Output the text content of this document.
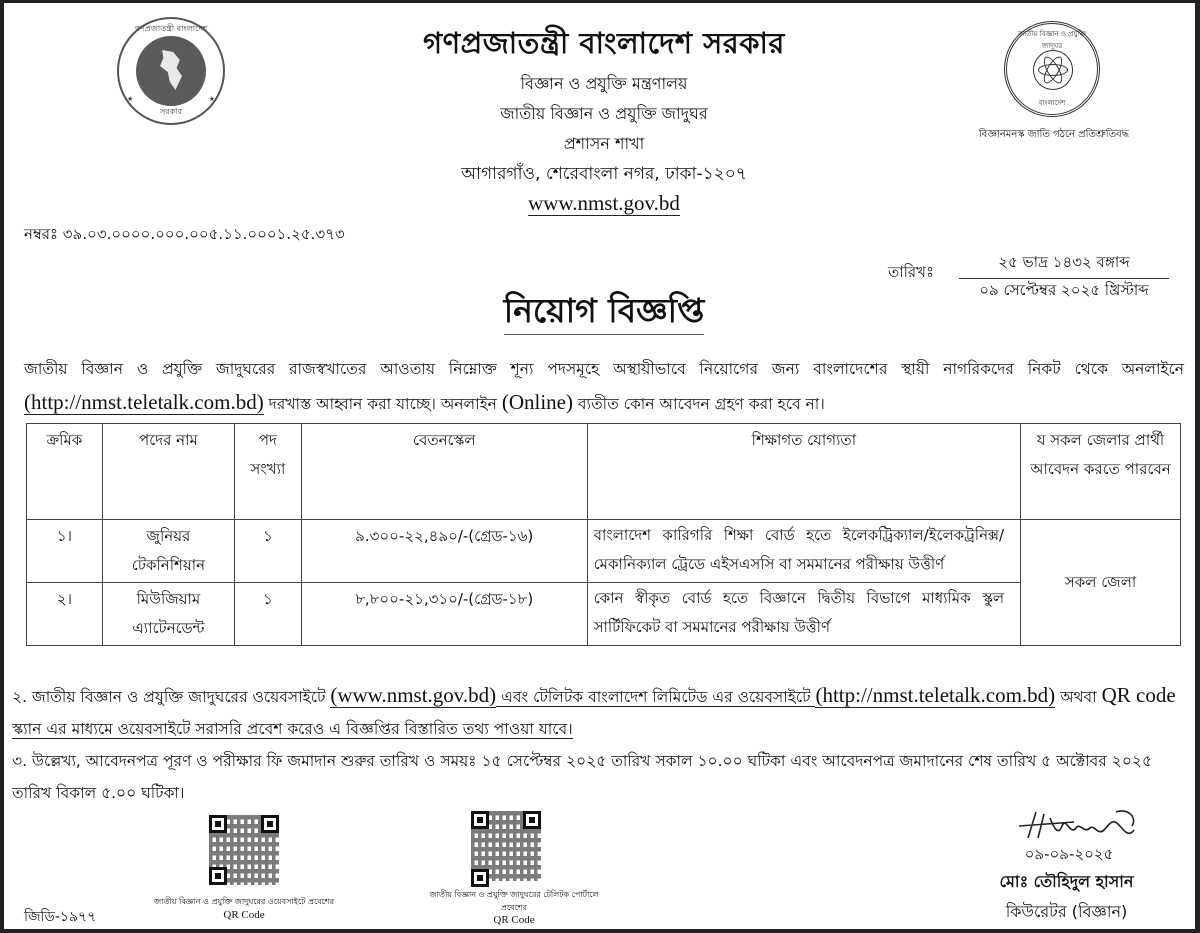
গণপ্রজাতন্ত্রী বাংলাদেশ
★	★
সরকার
গণপ্রজাতন্ত্রী বাংলাদেশ সরকার
বিজ্ঞান ও প্রযুক্তি মন্ত্রণালয়
জাতীয় বিজ্ঞান ও প্রযুক্তি জাদুঘর
প্রশাসন শাখা
আগারগাঁও, শেরেবাংলা নগর, ঢাকা-১২০৭
www.nmst.gov.bd
জাতীয় বিজ্ঞান ও প্রযুক্তি জাদুঘর
বাংলাদেশ
বিজ্ঞানমনস্ক জাতি গঠনে প্রতিশ্রুতিবদ্ধ
নম্বরঃ ৩৯.০৩.০০০০.০০০.০০৫.১১.০০০১.২৫.৩৭৩
তারিখঃ
২৫ ভাদ্র ১৪৩২ বঙ্গাব্দ
০৯ সেপ্টেম্বর ২০২৫ খ্রিস্টাব্দ
নিয়োগ বিজ্ঞপ্তি
জাতীয় বিজ্ঞান ও প্রযুক্তি জাদুঘরের রাজস্বখাতের আওতায় নিম্নোক্ত শূন্য পদসমূহে অস্থায়ীভাবে নিয়োগের জন্য বাংলাদেশের স্থায়ী নাগরিকদের নিকট থেকে অনলাইনে (http://nmst.teletalk.com.bd) দরখাস্ত আহ্বান করা যাচ্ছে। অনলাইন (Online) ব্যতীত কোন আবেদন গ্রহণ করা হবে না।
ক্রমিক	পদের নাম	পদ সংখ্যা	বেতনস্কেল	শিক্ষাগত যোগ্যতা	য সকল জেলার প্রার্থী আবেদন করতে পারবেন
১।	জুনিয়র টেকনিশিয়ান	১	৯.৩০০-২২,৪৯০/-(গ্রেড-১৬)	বাংলাদেশ কারিগরি শিক্ষা বোর্ড হতে ইলেকট্রিক্যাল/ইলেকট্রনিক্স/মেকানিক্যাল ট্রেডে এইসএসসি বা সমমানের পরীক্ষায় উত্তীর্ণ	সকল জেলা
২।	মিউজিয়াম এ্যাটেনডেন্ট	১	৮,৮০০-২১,৩১০/-(গ্রেড-১৮)	কোন স্বীকৃত বোর্ড হতে বিজ্ঞানে দ্বিতীয় বিভাগে মাধ্যমিক স্কুল সার্টিফিকেট বা সমমানের পরীক্ষায় উত্তীর্ণ	
২. জাতীয় বিজ্ঞান ও প্রযুক্তি জাদুঘরের ওয়েবসাইটে (www.nmst.gov.bd) এবং টেলিটক বাংলাদেশ লিমিটেড এর ওয়েবসাইটে (http://nmst.teletalk.com.bd) অথবা QR code স্ক্যান এর মাধ্যমে ওয়েবসাইটে সরাসরি প্রবেশ করেও এ বিজ্ঞপ্তির বিস্তারিত তথ্য পাওয়া যাবে।
৩. উল্লেখ্য, আবেদনপত্র পূরণ ও পরীক্ষার ফি জমাদান শুরুর তারিখ ও সময়ঃ ১৫ সেপ্টেম্বর ২০২৫ তারিখ সকাল ১০.০০ ঘটিকা এবং আবেদনপত্র জমাদানের শেষ তারিখ ৫ অক্টোবর ২০২৫ তারিখ বিকাল ৫.০০ ঘটিকা।
জাতীয় বিজ্ঞান ও প্রযুক্তি জাদুঘরের ওয়েবসাইটে প্রবেশের
QR Code
জাতীয় বিজ্ঞান ও প্রযুক্তি জাদুঘরের টেলিটক পোর্টালে
প্রবেশের
QR Code
জিডি-১৯৭৭
০৯-০৯-২০২৫
মোঃ তৌহিদুল হাসান
কিউরেটর (বিজ্ঞান)
